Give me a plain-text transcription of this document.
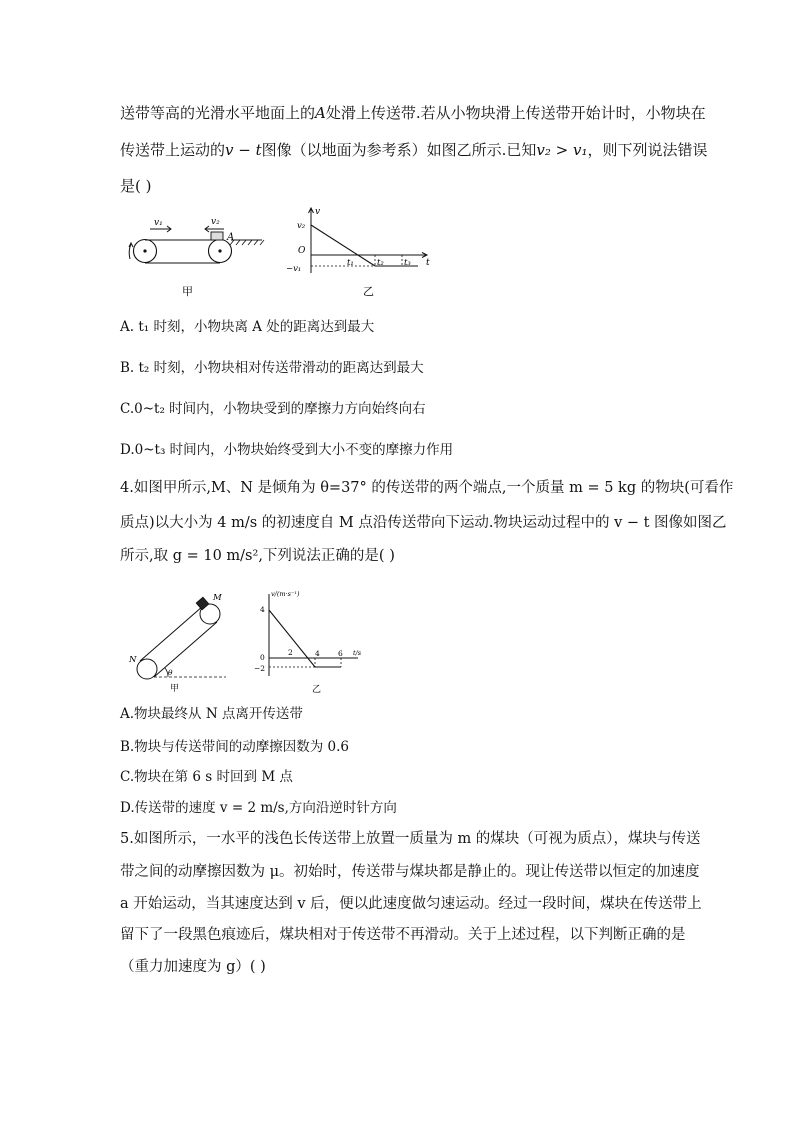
送带等高的光滑水平地面上的A处滑上传送带.若从小物块滑上传送带开始计时，小物块在
传送带上运动的v − t图像（以地面为参考系）如图乙所示.已知v₂ > v₁，则下列说法错误
是( )
A
v₁	v₂
甲
v
v₂
O
−v₁
t₁	t₂ t₃ t
乙
A. t₁ 时刻，小物块离 A 处的距离达到最大
B. t₂ 时刻，小物块相对传送带滑动的距离达到最大
C.0~t₂ 时间内，小物块受到的摩擦力方向始终向右
D.0~t₃ 时间内，小物块始终受到大小不变的摩擦力作用
4.如图甲所示,M、N 是倾角为 θ=37° 的传送带的两个端点,一个质量 m = 5 kg 的物块(可看作
质点)以大小为 4 m/s 的初速度自 M 点沿传送带向下运动.物块运动过程中的 v − t 图像如图乙
所示,取 g = 10 m/s²,下列说法正确的是( )
M
N
θ
甲
v/(m·s⁻¹)
t/s
4
0
−2
2	4 6
乙
A.物块最终从 N 点离开传送带
B.物块与传送带间的动摩擦因数为 0.6
C.物块在第 6 s 时回到 M 点
D.传送带的速度 v = 2 m/s,方向沿逆时针方向
5.如图所示，一水平的浅色长传送带上放置一质量为 m 的煤块（可视为质点），煤块与传送
带之间的动摩擦因数为 μ。初始时，传送带与煤块都是静止的。现让传送带以恒定的加速度
a 开始运动，当其速度达到 v 后，便以此速度做匀速运动。经过一段时间，煤块在传送带上
留下了一段黑色痕迹后，煤块相对于传送带不再滑动。关于上述过程，以下判断正确的是
（重力加速度为 g）( )
